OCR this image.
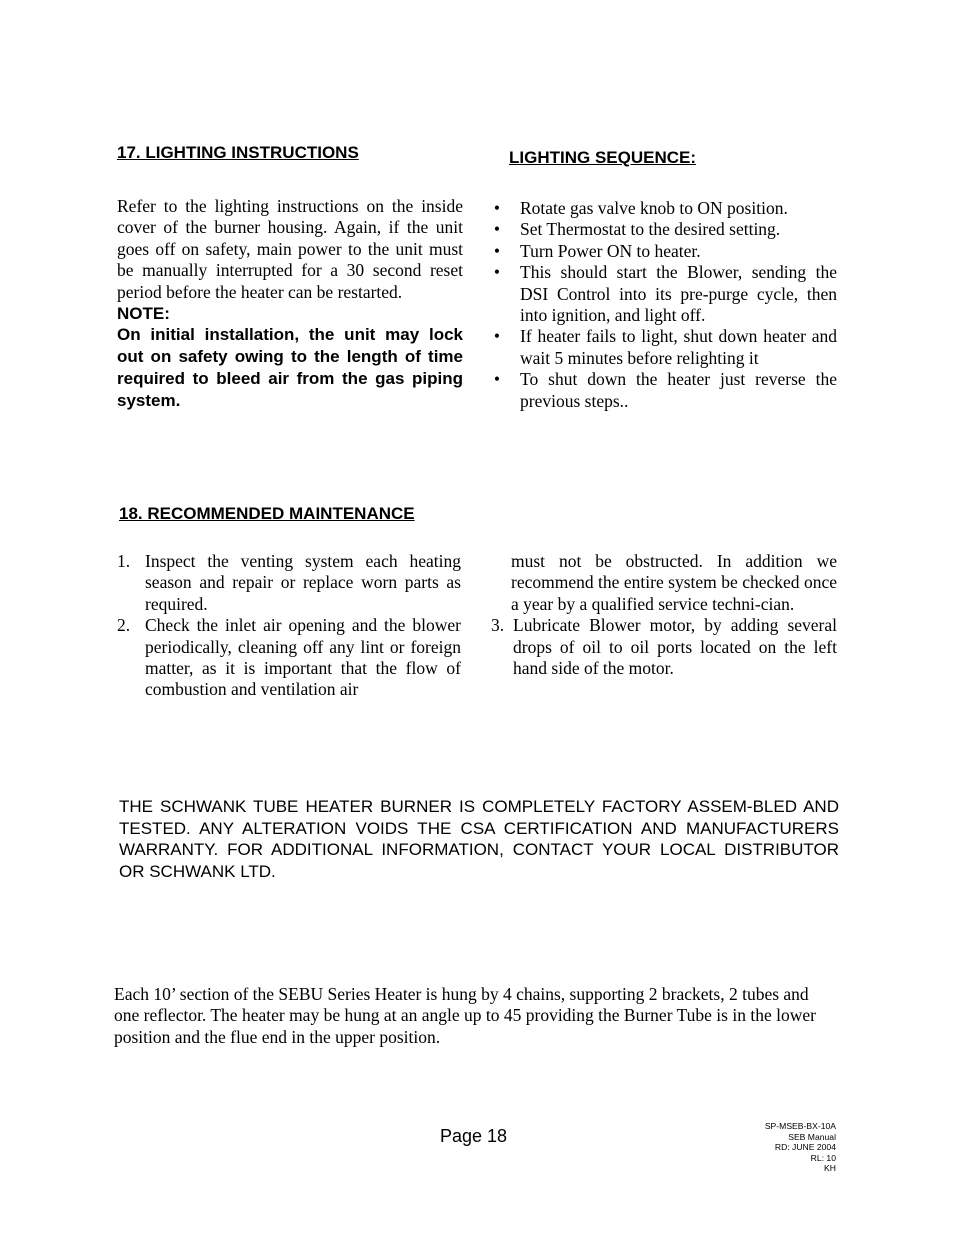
17. LIGHTING INSTRUCTIONS

Refer to the lighting instructions on the inside cover of the burner housing. Again, if the unit goes off on safety, main power to the unit must be manually interrupted for a 30 second reset period before the heater can be restarted.

NOTE:

On initial installation, the unit may lock out on safety owing to the length of time required to bleed air from the gas piping system.

LIGHTING SEQUENCE:
• Rotate gas valve knob to ON position.
• Set Thermostat to the desired setting.
• Turn Power ON to heater.
• This should start the Blower, sending the DSI Control into its pre-purge cycle, then into ignition, and light off.
• If heater fails to light, shut down heater and wait 5 minutes before relighting it
• To shut down the heater just reverse the previous steps..
18. RECOMMENDED MAINTENANCE
1. Inspect the venting system each heating season and repair or replace worn parts as required.
2. Check the inlet air opening and the blower periodically, cleaning off any lint or foreign matter, as it is important that the flow of combustion and ventilation air

must not be obstructed. In addition we recommend the entire system be checked once a year by a qualified service techni-cian.

3. Lubricate Blower motor, by adding several drops of oil to oil ports located on the left hand side of the motor.

THE SCHWANK TUBE HEATER BURNER IS COMPLETELY FACTORY ASSEM-BLED AND TESTED. ANY ALTERATION VOIDS THE CSA CERTIFICATION AND MANUFACTURERS WARRANTY. FOR ADDITIONAL INFORMATION, CONTACT YOUR LOCAL DISTRIBUTOR OR SCHWANK LTD.

Each 10’ section of the SEBU Series Heater is hung by 4 chains, supporting 2 brackets, 2 tubes and one reflector. The heater may be hung at an angle up to 45 providing the Burner Tube is in the lower position and the flue end in the upper position.

Page 18	SP-MSEB-BX-10A
SEB Manual
RD: JUNE 2004
RL: 10
KH
